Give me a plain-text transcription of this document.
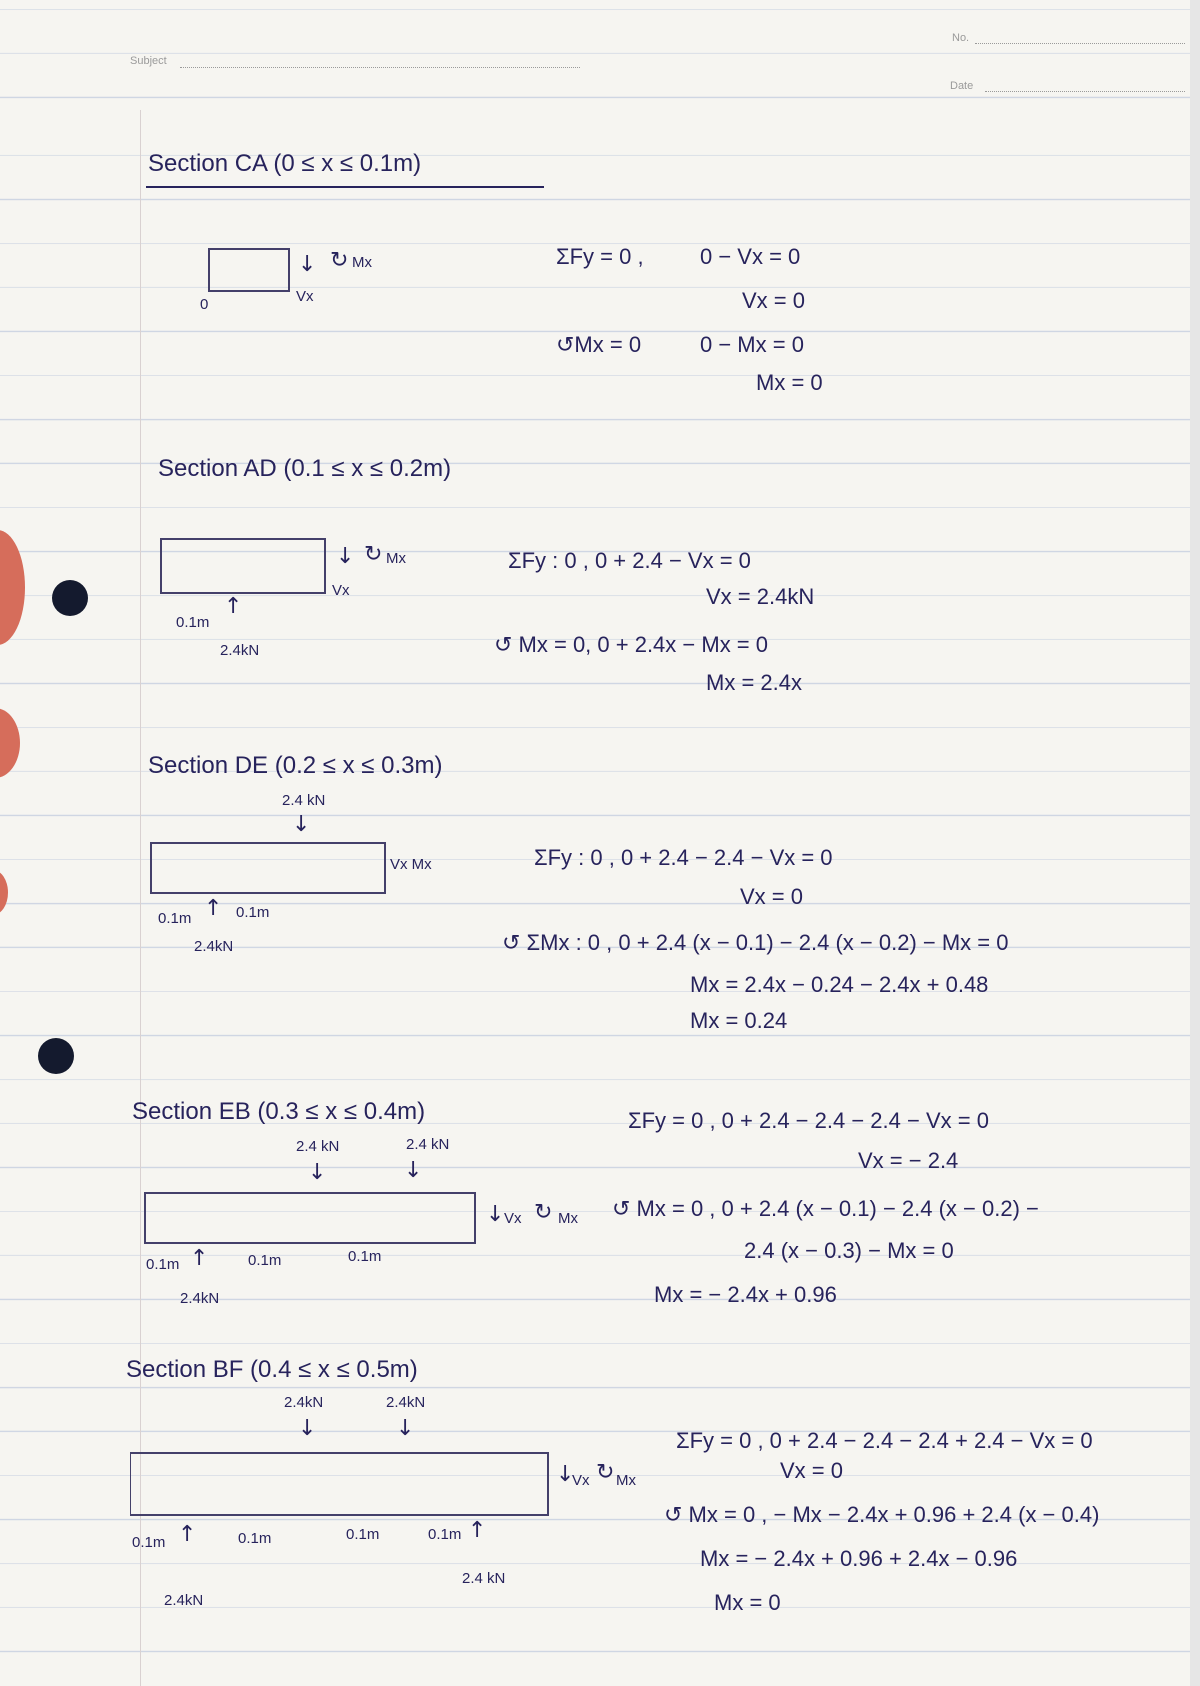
Subject
No.
Date
Section CA (0 ≤ x ≤ 0.1m)
0
↓
Vx
↻ Mx	ΣFy = 0 ,	0 − Vx = 0
Vx = 0
↺Mx = 0	0 − Mx = 0
Mx = 0
Section AD (0.1 ≤ x ≤ 0.2m)
↓
Vx
↻ Mx
↑
0.1m
2.4kN
ΣFy : 0 , 0 + 2.4 − Vx = 0
Vx = 2.4kN
↺ Mx = 0, 0 + 2.4x − Mx = 0
Mx = 2.4x
Section DE (0.2 ≤ x ≤ 0.3m)
2.4 kN
↓
Vx Mx
↑
0.1m	0.1m
2.4kN
ΣFy : 0 , 0 + 2.4 − 2.4 − Vx = 0
Vx = 0
↺ ΣMx : 0 , 0 + 2.4 (x − 0.1) − 2.4 (x − 0.2) − Mx = 0
Mx = 2.4x − 0.24 − 2.4x + 0.48
Mx = 0.24
Section EB (0.3 ≤ x ≤ 0.4m)
2.4 kN	2.4 kN
↓	↓
↓ Vx ↻ Mx
↑
0.1m	0.1m	0.1m
2.4kN
ΣFy = 0 , 0 + 2.4 − 2.4 − 2.4 − Vx = 0
Vx = − 2.4
↺ Mx = 0 , 0 + 2.4 (x − 0.1) − 2.4 (x − 0.2) −
2.4 (x − 0.3) − Mx = 0
Mx = − 2.4x + 0.96
Section BF (0.4 ≤ x ≤ 0.5m)
2.4kN	2.4kN
↓	↓
↓
Vx ↻ Mx
↑	↑
0.1m	0.1m	0.1m	0.1m
2.4kN
2.4 kN
ΣFy = 0 , 0 + 2.4 − 2.4 − 2.4 + 2.4 − Vx = 0
Vx = 0
↺ Mx = 0 , − Mx − 2.4x + 0.96 + 2.4 (x − 0.4)
Mx = − 2.4x + 0.96 + 2.4x − 0.96
Mx = 0
